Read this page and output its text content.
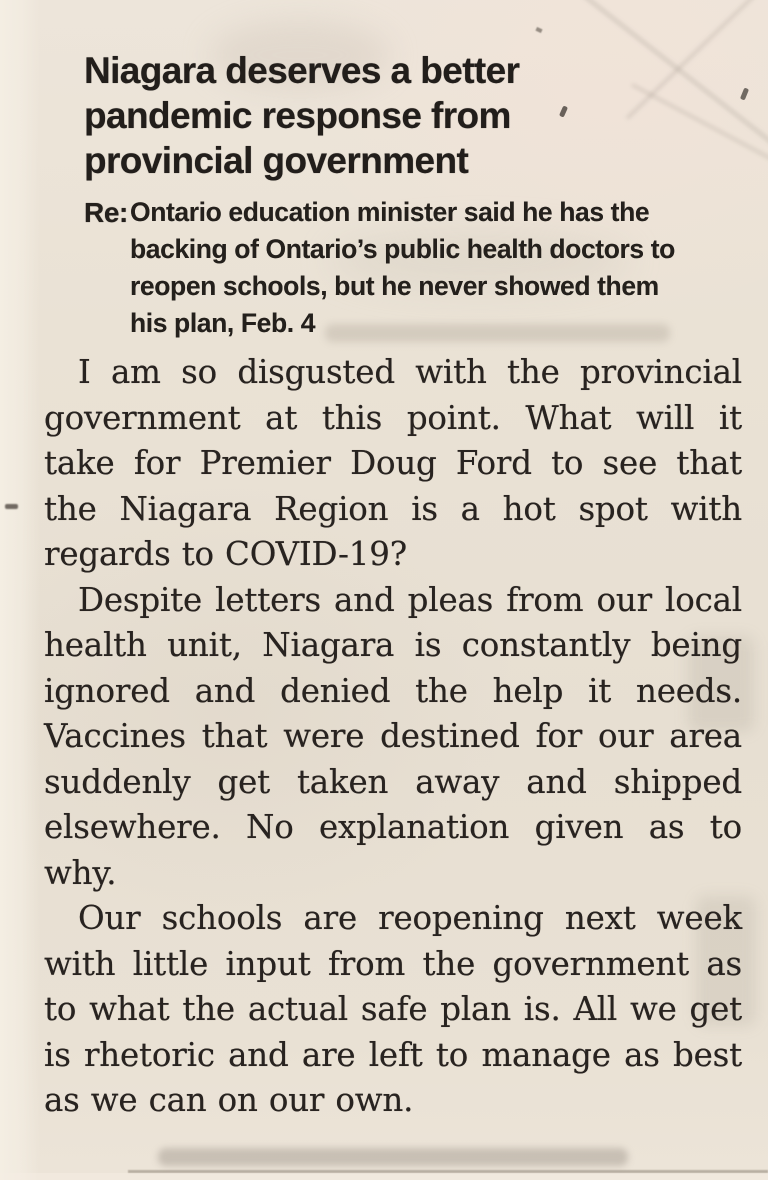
Niagara deserves a better
pandemic response from
provincial government
Re: Ontario education minister said he has the backing of Ontario’s public health doctors to reopen schools, but he never showed them his plan, Feb. 4

I am so disgusted with the provincial government at this point. What will it take for Premier Doug Ford to see that the Niagara Region is a hot spot with regards to COVID-19?

Despite letters and pleas from our local health unit, Niagara is constantly being ignored and denied the help it needs. Vaccines that were destined for our area suddenly get taken away and shipped elsewhere. No explanation given as to why.

Our schools are reopening next week with little input from the government as to what the actual safe plan is. All we get is rhetoric and are left to manage as best as we can on our own.
